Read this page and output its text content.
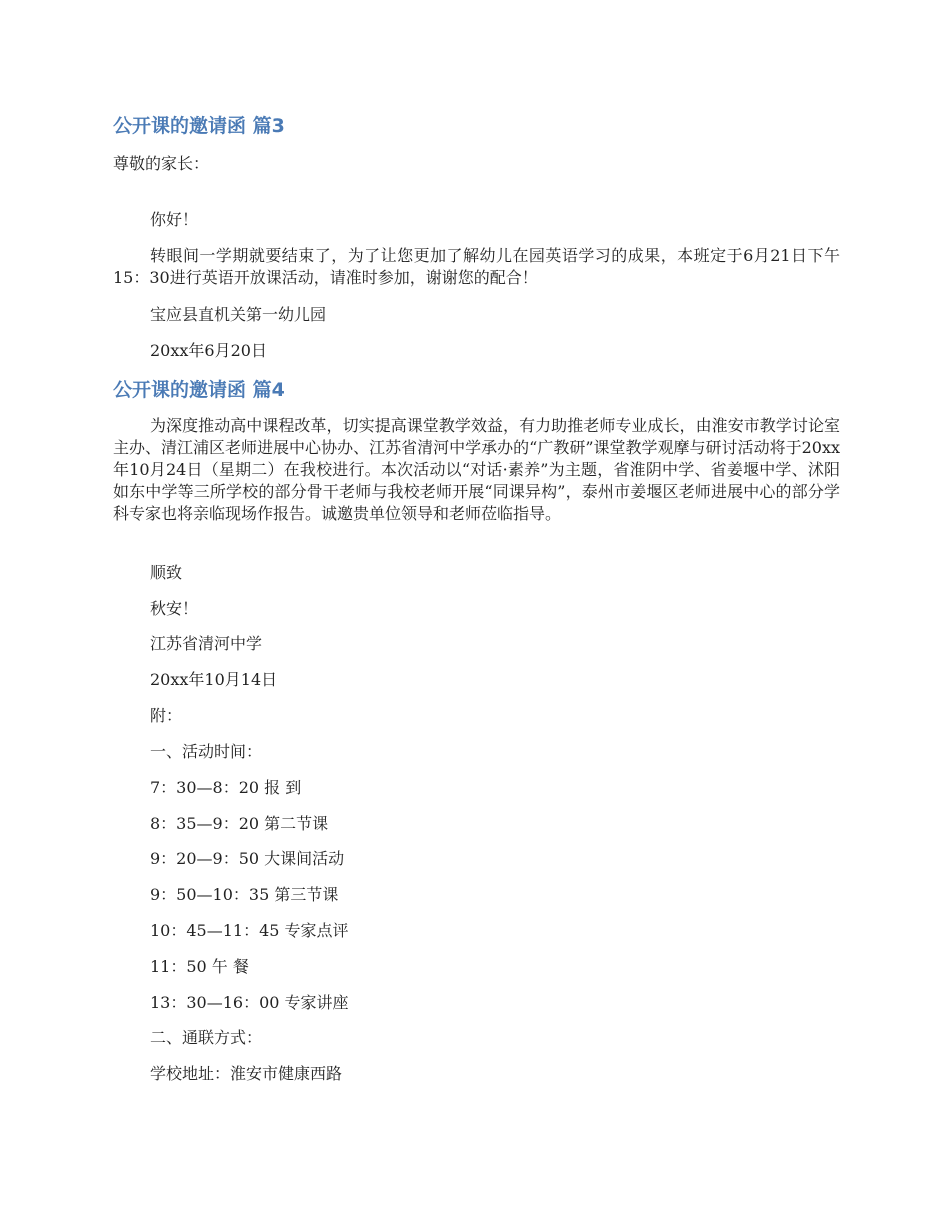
公开课的邀请函 篇3
尊敬的家长：
你好！

转眼间一学期就要结束了，为了让您更加了解幼儿在园英语学习的成果，本班定于6月21日下午15：30进行英语开放课活动，请准时参加，谢谢您的配合！

宝应县直机关第一幼儿园
20xx年6月20日
公开课的邀请函 篇4

为深度推动高中课程改革，切实提高课堂教学效益，有力助推老师专业成长，由淮安市教学讨论室主办、清江浦区老师进展中心协办、江苏省清河中学承办的“广教研”课堂教学观摩与研讨活动将于20xx年10月24日（星期二）在我校进行。本次活动以“对话·素养”为主题，省淮阴中学、省姜堰中学、沭阳如东中学等三所学校的部分骨干老师与我校老师开展“同课异构”，泰州市姜堰区老师进展中心的部分学科专家也将亲临现场作报告。诚邀贵单位领导和老师莅临指导。

顺致
秋安！
江苏省清河中学
20xx年10月14日
附：
一、活动时间：
7：30—8：20 报 到
8：35—9：20 第二节课
9：20—9：50 大课间活动
9：50—10：35 第三节课
10：45—11：45 专家点评
11：50 午 餐
13：30—16：00 专家讲座
二、通联方式：
学校地址：淮安市健康西路
